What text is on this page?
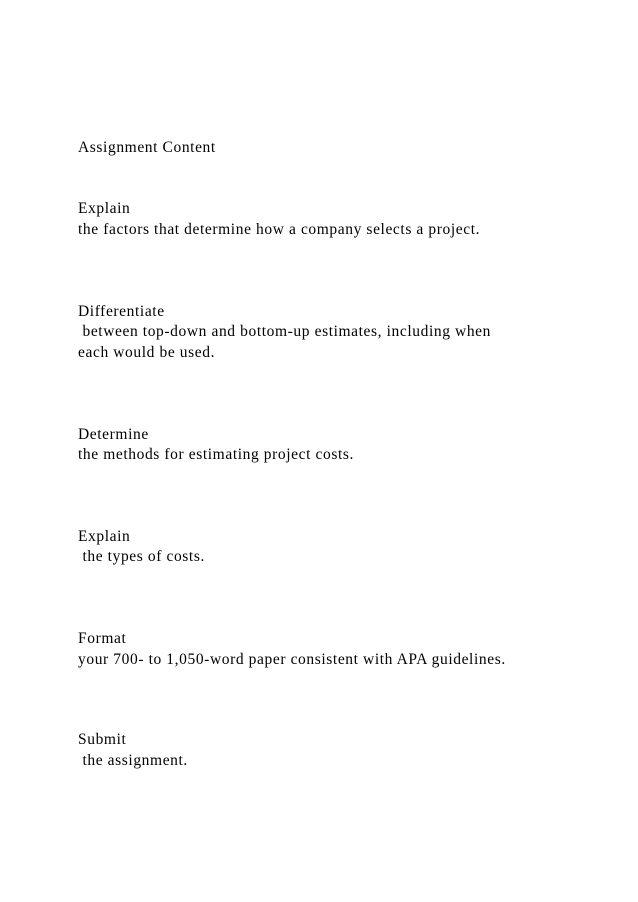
Assignment Content
Explain
the factors that determine how a company selects a project.
Differentiate
between top-down and bottom-up estimates, including when
each would be used.
Determine
the methods for estimating project costs.
Explain
the types of costs.
Format
your 700- to 1,050-word paper consistent with APA guidelines.
Submit
the assignment.
